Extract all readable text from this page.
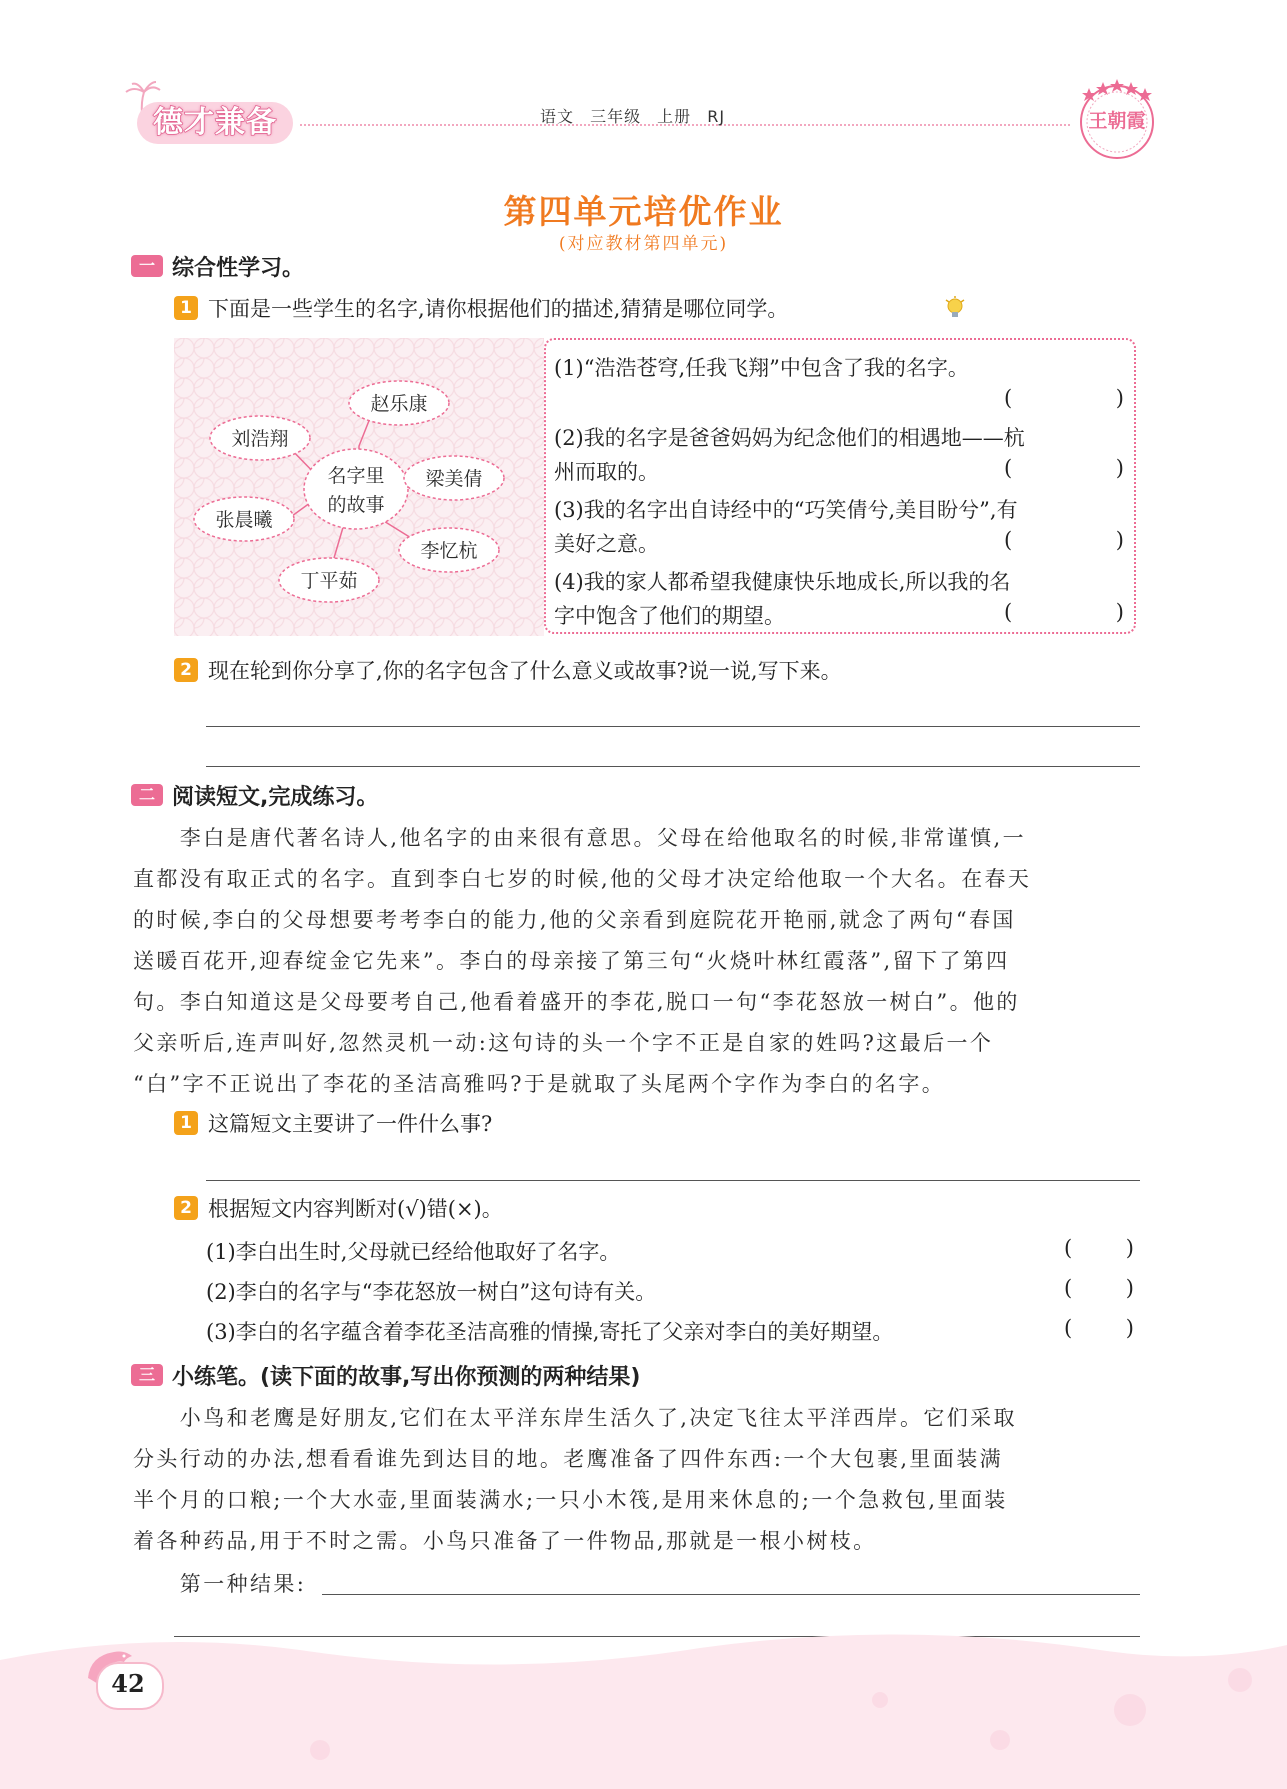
德才兼备	语文 三年级 上册 RJ	王朝霞
第四单元培优作业
(对应教材第四单元)
一 综合性学习。
1 下面是一些学生的名字,请你根据他们的描述,猜猜是哪位同学。
名字里
的故事
赵乐康
刘浩翔
梁美倩
张晨曦
李忆杭
丁平茹
(1)“浩浩苍穹,任我飞翔”中包含了我的名字。
(	)
(2)我的名字是爸爸妈妈为纪念他们的相遇地——杭
州而取的。	(	)
(3)我的名字出自诗经中的“巧笑倩兮,美目盼兮”,有
美好之意。	(	)
(4)我的家人都希望我健康快乐地成长,所以我的名
字中饱含了他们的期望。	(	)
2 现在轮到你分享了,你的名字包含了什么意义或故事?说一说,写下来。
二 阅读短文,完成练习。
　　李白是唐代著名诗人,他名字的由来很有意思。父母在给他取名的时候,非常谨慎,一
直都没有取正式的名字。直到李白七岁的时候,他的父母才决定给他取一个大名。在春天
的时候,李白的父母想要考考李白的能力,他的父亲看到庭院花开艳丽,就念了两句“春国
送暖百花开,迎春绽金它先来”。李白的母亲接了第三句“火烧叶林红霞落”,留下了第四
句。李白知道这是父母要考自己,他看着盛开的李花,脱口一句“李花怒放一树白”。他的
父亲听后,连声叫好,忽然灵机一动:这句诗的头一个字不正是自家的姓吗?这最后一个
“白”字不正说出了李花的圣洁高雅吗?于是就取了头尾两个字作为李白的名字。
1 这篇短文主要讲了一件什么事?
2 根据短文内容判断对(√)错(×)。
(1)李白出生时,父母就已经给他取好了名字。	(	)
(2)李白的名字与“李花怒放一树白”这句诗有关。	(	)
(3)李白的名字蕴含着李花圣洁高雅的情操,寄托了父亲对李白的美好期望。	(	)
三 小练笔。(读下面的故事,写出你预测的两种结果)
　　小鸟和老鹰是好朋友,它们在太平洋东岸生活久了,决定飞往太平洋西岸。它们采取
分头行动的办法,想看看谁先到达目的地。老鹰准备了四件东西:一个大包裹,里面装满
半个月的口粮;一个大水壶,里面装满水;一只小木筏,是用来休息的;一个急救包,里面装
着各种药品,用于不时之需。小鸟只准备了一件物品,那就是一根小树枝。
　　第一种结果:
42
